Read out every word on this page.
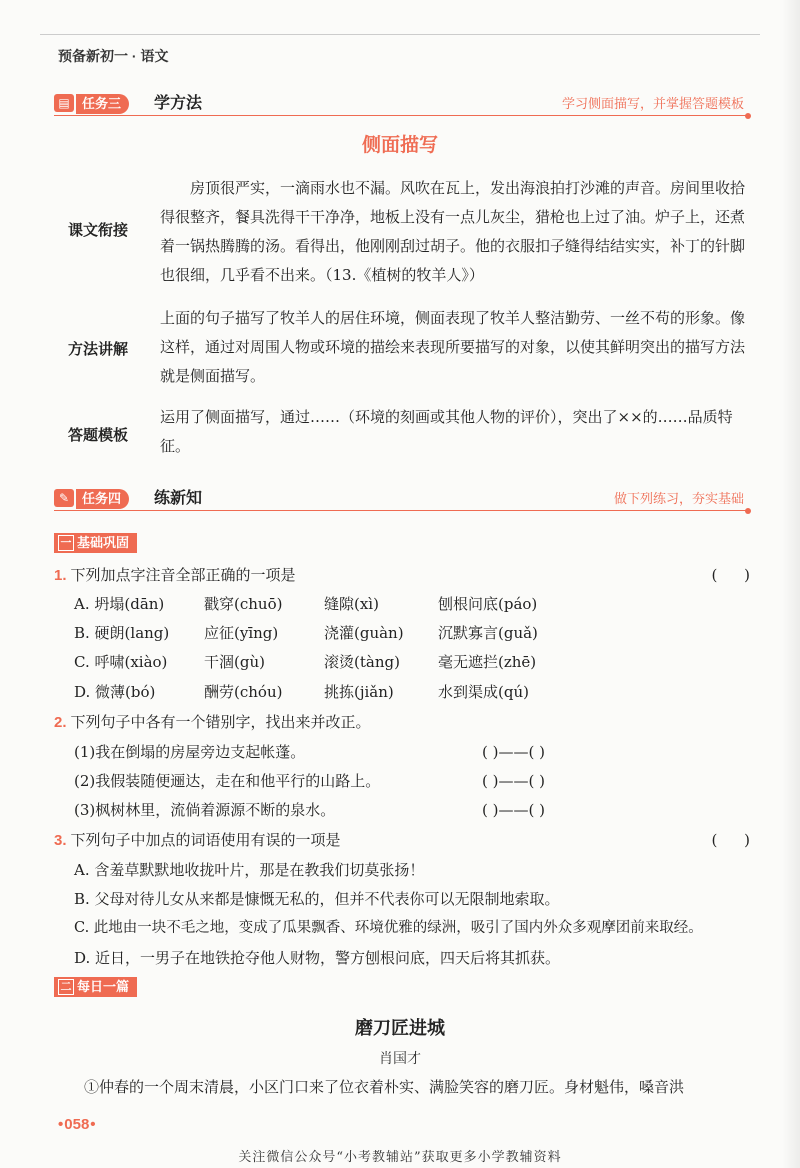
预备新初一 · 语文
▤ 任务三	学方法	学习侧面描写，并掌握答题模板
侧面描写
课文衔接

房顶很严实，一滴雨水也不漏。风吹在瓦上，发出海浪拍打沙滩的声音。房间里收拾得很整齐，餐具洗得干干净净，地板上没有一点儿灰尘，猎枪也上过了油。炉子上，还煮着一锅热腾腾的汤。看得出，他刚刚刮过胡子。他的衣服扣子缝得结结实实，补丁的针脚也很细，几乎看不出来。（13.《植树的牧羊人》）

方法讲解

上面的句子描写了牧羊人的居住环境，侧面表现了牧羊人整洁勤劳、一丝不苟的形象。像这样，通过对周围人物或环境的描绘来表现所要描写的对象，以使其鲜明突出的描写方法就是侧面描写。

答题模板

运用了侧面描写，通过……（环境的刻画或其他人物的评价），突出了××的……品质特征。

✎ 任务四	练新知	做下列练习，夯实基础
一 基础巩固
1. 下列加点字注音全部正确的一项是	( )
A. 坍塌(dān)	戳穿(chuō)	缝隙(xì)	刨根问底(páo)
B. 硬朗(lang) 应征(yīng)	浇灌(guàn) 沉默寡言(guǎ)
C. 呼啸(xiào) 干涸(gù)	滚烫(tàng)	毫无遮拦(zhē)
D. 微薄(bó)	酬劳(chóu)	挑拣(jiǎn)	水到渠成(qú)
2. 下列句子中各有一个错别字，找出来并改正。
(1)我在倒塌的房屋旁边支起帐蓬。	( )——( )
(2)我假装随便逦达，走在和他平行的山路上。	( )——( )
(3)枫树林里，流倘着源源不断的泉水。	( )——( )
3. 下列句子中加点的词语使用有误的一项是	( )
A. 含羞草默默地收拢叶片，那是在教我们切莫张扬！
B. 父母对待儿女从来都是慷慨无私的，但并不代表你可以无限制地索取。
C. 此地由一块不毛之地，变成了瓜果飘香、环境优雅的绿洲，吸引了国内外众多观摩团前来取经。
D. 近日，一男子在地铁抢夺他人财物，警方刨根问底，四天后将其抓获。
二 每日一篇
磨刀匠进城
肖国才
①仲春的一个周末清晨，小区门口来了位衣着朴实、满脸笑容的磨刀匠。身材魁伟，嗓音洪
• 058 •
关注微信公众号“小考教辅站”获取更多小学教辅资料
